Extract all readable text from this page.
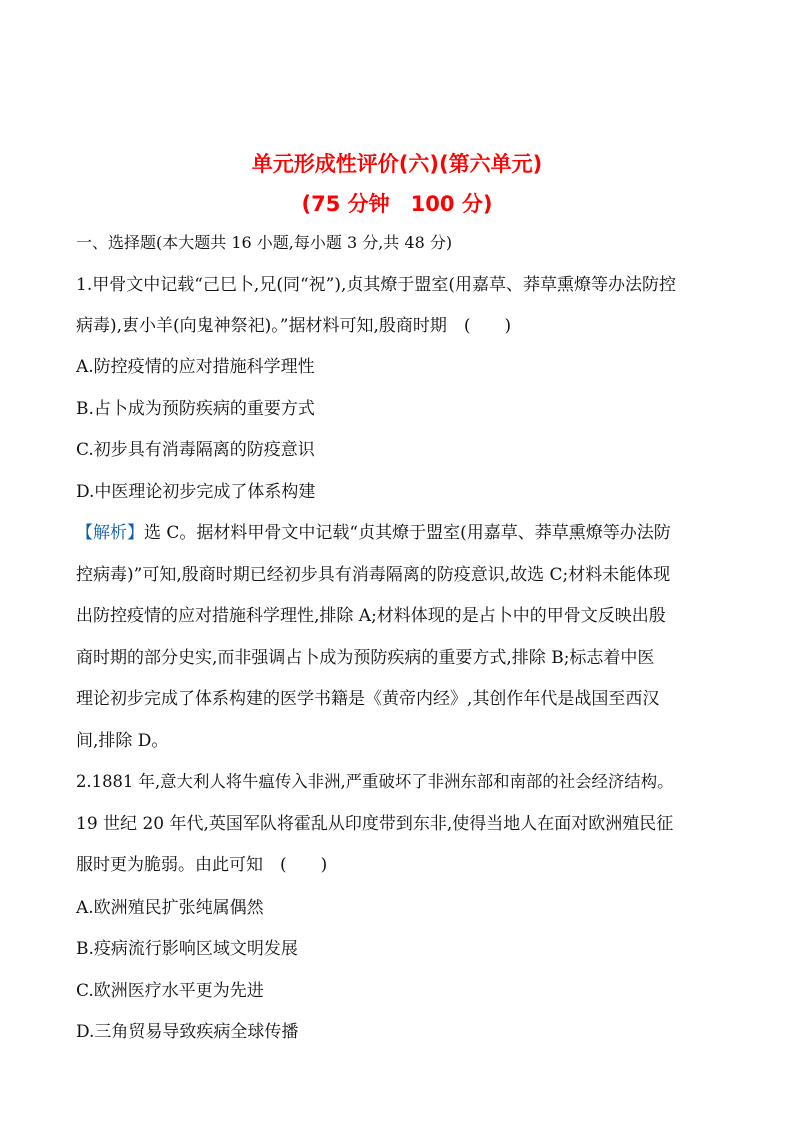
单元形成性评价(六)(第六单元)
(75 分钟　100 分)
一、选择题(本大题共 16 小题,每小题 3 分,共 48 分)
1.甲骨文中记载“己巳卜,兄(同“祝”),贞其燎于盟室(用嘉草、莽草熏燎等办法防控
病毒),叀小羊(向鬼神祭祀)。”据材料可知,殷商时期　(　　)
A.防控疫情的应对措施科学理性
B.占卜成为预防疾病的重要方式
C.初步具有消毒隔离的防疫意识
D.中医理论初步完成了体系构建
【解析】选 C。据材料甲骨文中记载“贞其燎于盟室(用嘉草、莽草熏燎等办法防
控病毒)”可知,殷商时期已经初步具有消毒隔离的防疫意识,故选 C;材料未能体现
出防控疫情的应对措施科学理性,排除 A;材料体现的是占卜中的甲骨文反映出殷
商时期的部分史实,而非强调占卜成为预防疾病的重要方式,排除 B;标志着中医
理论初步完成了体系构建的医学书籍是《黄帝内经》,其创作年代是战国至西汉
间,排除 D。
2.1881 年,意大利人将牛瘟传入非洲,严重破坏了非洲东部和南部的社会经济结构。
19 世纪 20 年代,英国军队将霍乱从印度带到东非,使得当地人在面对欧洲殖民征
服时更为脆弱。由此可知　(　　)
A.欧洲殖民扩张纯属偶然
B.疫病流行影响区域文明发展
C.欧洲医疗水平更为先进
D.三角贸易导致疾病全球传播
